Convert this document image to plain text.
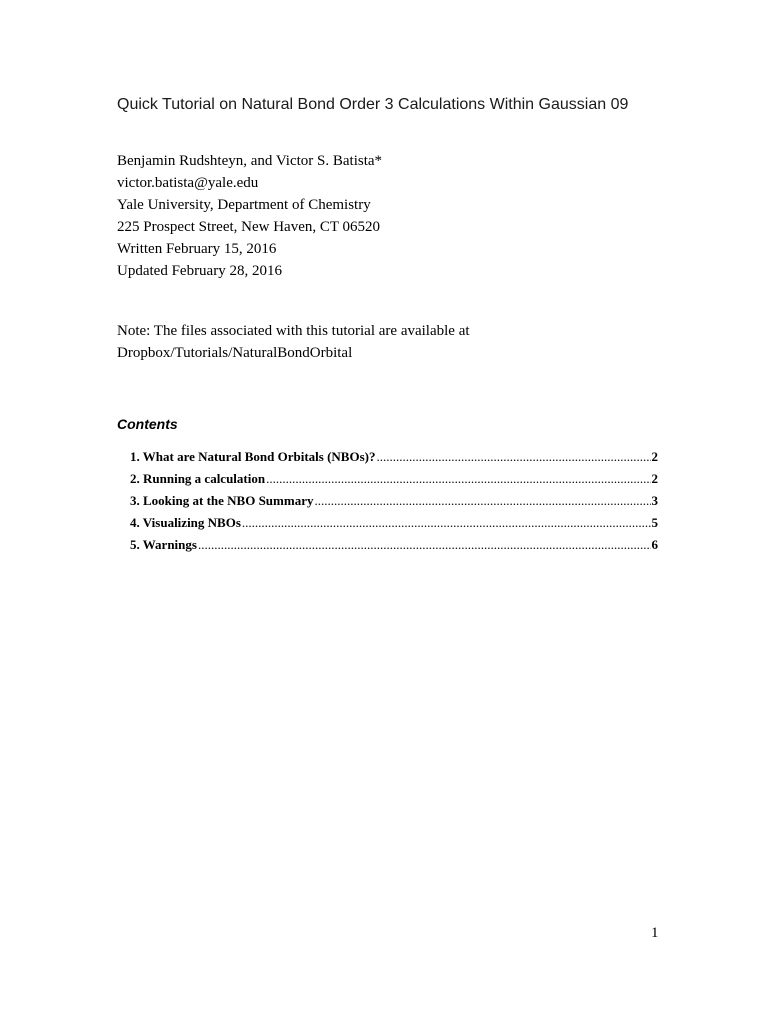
Quick Tutorial on Natural Bond Order 3 Calculations Within Gaussian 09
Benjamin Rudshteyn, and Victor S. Batista*
victor.batista@yale.edu
Yale University, Department of Chemistry
225 Prospect Street, New Haven, CT 06520
Written February 15, 2016
Updated February 28, 2016
Note: The files associated with this tutorial are available at
Dropbox/Tutorials/NaturalBondOrbital
Contents
1. What are Natural Bond Orbitals (NBOs)? .....	2
2. Running a calculation .....	2
3. Looking at the NBO Summary .....	3
4. Visualizing NBOs .....	5
5. Warnings .....	6
1
